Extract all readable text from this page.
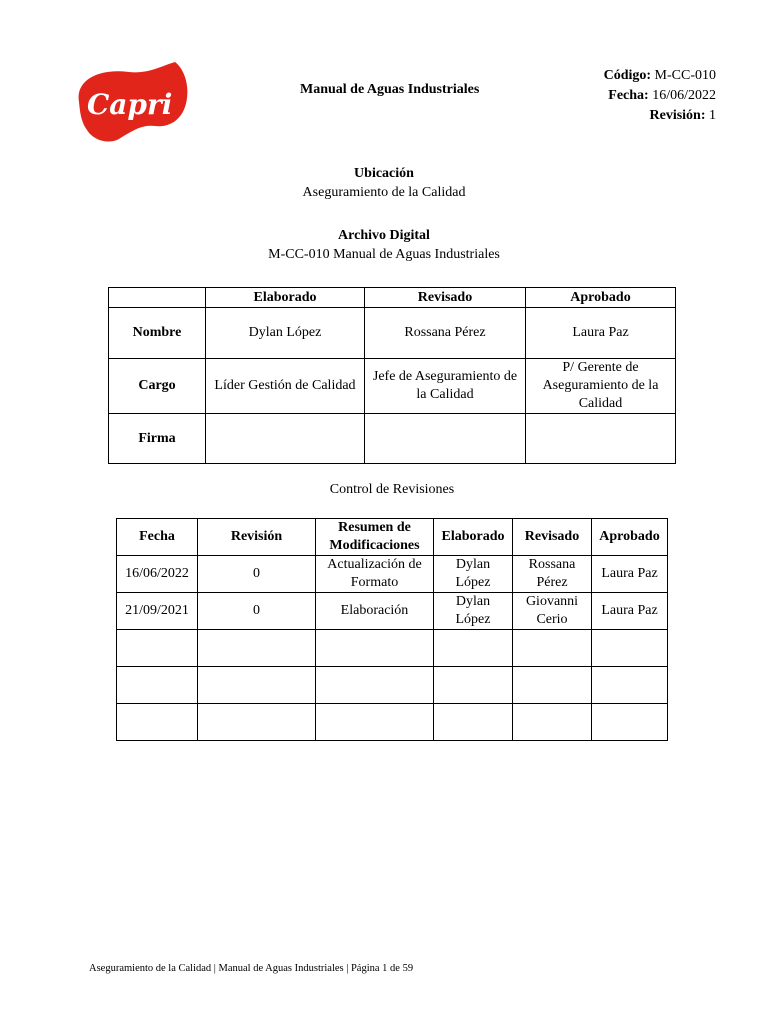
Capri	Manual de Aguas Industriales
Código: M-CC-010
Fecha: 16/06/2022
Revisión: 1
Ubicación
Aseguramiento de la Calidad
Archivo Digital
M-CC-010 Manual de Aguas Industriales
	Elaborado	Revisado	Aprobado
Nombre	Dylan López	Rossana Pérez	Laura Paz
Cargo	Líder Gestión de Calidad	Jefe de Aseguramiento de la Calidad	P/ Gerente de Aseguramiento de la Calidad
Firma			
Control de Revisiones
Fecha	Revisión	Resumen de Modificaciones	Elaborado	Revisado	Aprobado
16/06/2022	0	Actualización de Formato	Dylan López	Rossana Pérez	Laura Paz
21/09/2021	0	Elaboración	Dylan López	Giovanni Cerio	Laura Paz

Aseguramiento de la Calidad | Manual de Aguas Industriales | Página 1 de 59
